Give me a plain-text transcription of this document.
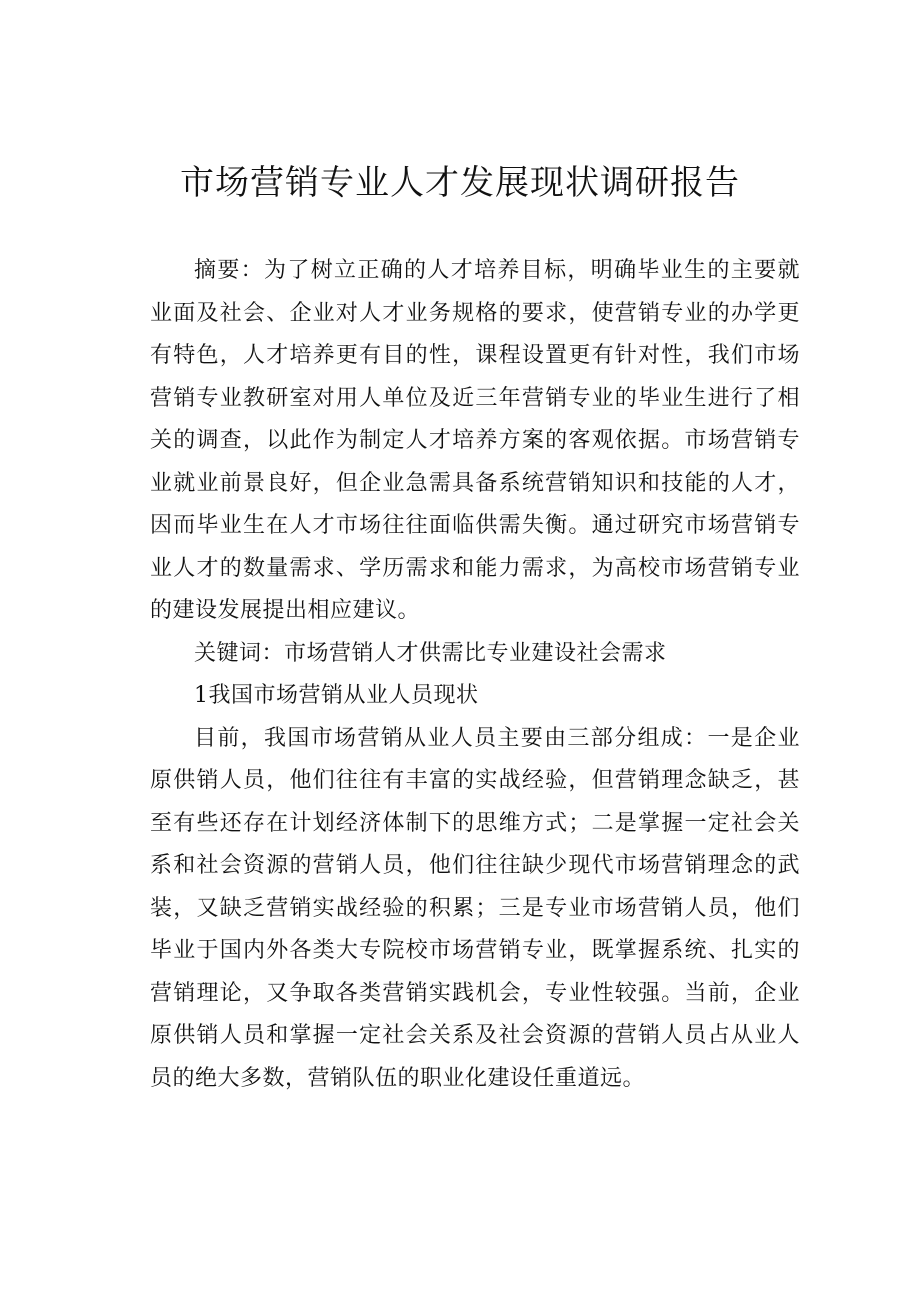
市场营销专业人才发展现状调研报告

摘要：为了树立正确的人才培养目标，明确毕业生的主要就业面及社会、企业对人才业务规格的要求，使营销专业的办学更有特色，人才培养更有目的性，课程设置更有针对性，我们市场营销专业教研室对用人单位及近三年营销专业的毕业生进行了相关的调查，以此作为制定人才培养方案的客观依据。市场营销专业就业前景良好，但企业急需具备系统营销知识和技能的人才，因而毕业生在人才市场往往面临供需失衡。通过研究市场营销专业人才的数量需求、学历需求和能力需求，为高校市场营销专业的建设发展提出相应建议。

关键词：市场营销人才供需比专业建设社会需求

1我国市场营销从业人员现状

目前，我国市场营销从业人员主要由三部分组成：一是企业原供销人员，他们往往有丰富的实战经验，但营销理念缺乏，甚至有些还存在计划经济体制下的思维方式；二是掌握一定社会关系和社会资源的营销人员，他们往往缺少现代市场营销理念的武装，又缺乏营销实战经验的积累；三是专业市场营销人员，他们毕业于国内外各类大专院校市场营销专业，既掌握系统、扎实的营销理论，又争取各类营销实践机会，专业性较强。当前，企业原供销人员和掌握一定社会关系及社会资源的营销人员占从业人员的绝大多数，营销队伍的职业化建设任重道远。
